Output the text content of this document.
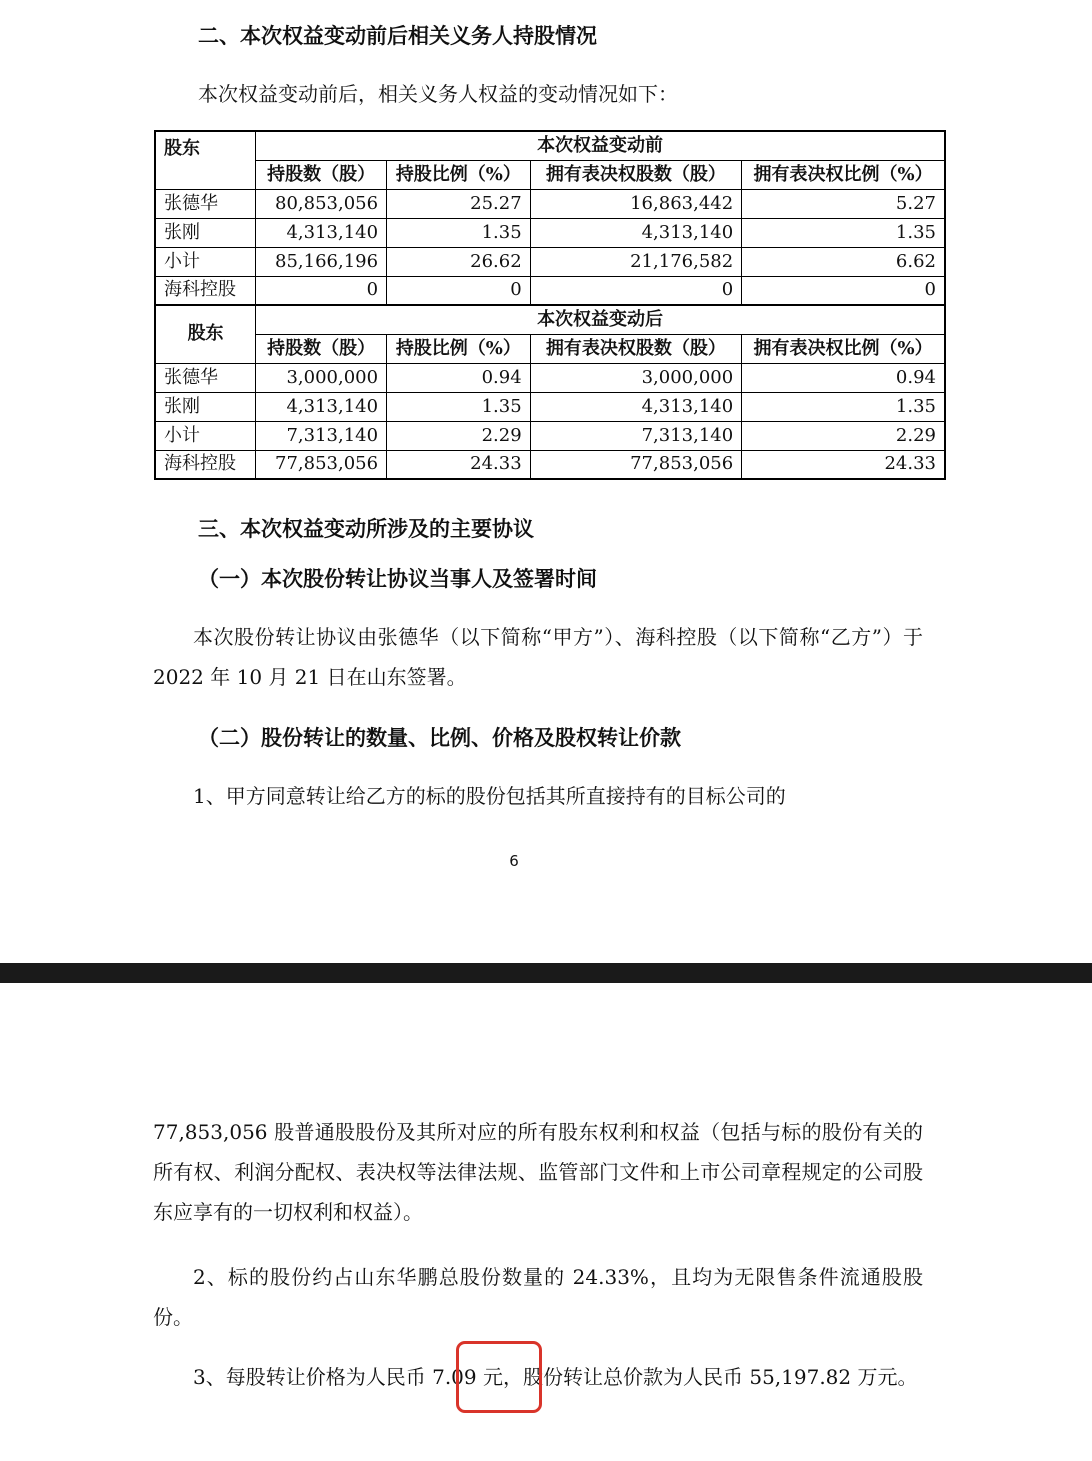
二、本次权益变动前后相关义务人持股情况
本次权益变动前后，相关义务人权益的变动情况如下：
股东	本次权益变动前			
	持股数（股）	持股比例（%）	拥有表决权股数（股）	拥有表决权比例（%）
张德华	80,853,056	25.27	16,863,442	5.27
张刚	4,313,140	1.35	4,313,140	1.35
小计	85,166,196	26.62	21,176,582	6.62
海科控股	0	0	0	0
股东	本次权益变动后			
	持股数（股）	持股比例（%）	拥有表决权股数（股）	拥有表决权比例（%）
张德华	3,000,000	0.94	3,000,000	0.94
张刚	4,313,140	1.35	4,313,140	1.35
小计	7,313,140	2.29	7,313,140	2.29
海科控股	77,853,056	24.33	77,853,056	24.33
三、本次权益变动所涉及的主要协议
（一）本次股份转让协议当事人及签署时间
本次股份转让协议由张德华（以下简称“甲方”）、海科控股（以下简称“乙方”）于 2022 年 10 月 21 日在山东签署。
（二）股份转让的数量、比例、价格及股权转让价款
1、甲方同意转让给乙方的标的股份包括其所直接持有的目标公司的
6
77,853,056 股普通股股份及其所对应的所有股东权利和权益（包括与标的股份有关的所有权、利润分配权、表决权等法律法规、监管部门文件和上市公司章程规定的公司股东应享有的一切权利和权益）。
2、标的股份约占山东华鹏总股份数量的 24.33%，且均为无限售条件流通股股份。
3、每股转让价格为人民币 7.09 元，股份转让总价款为人民币 55,197.82 万元。
